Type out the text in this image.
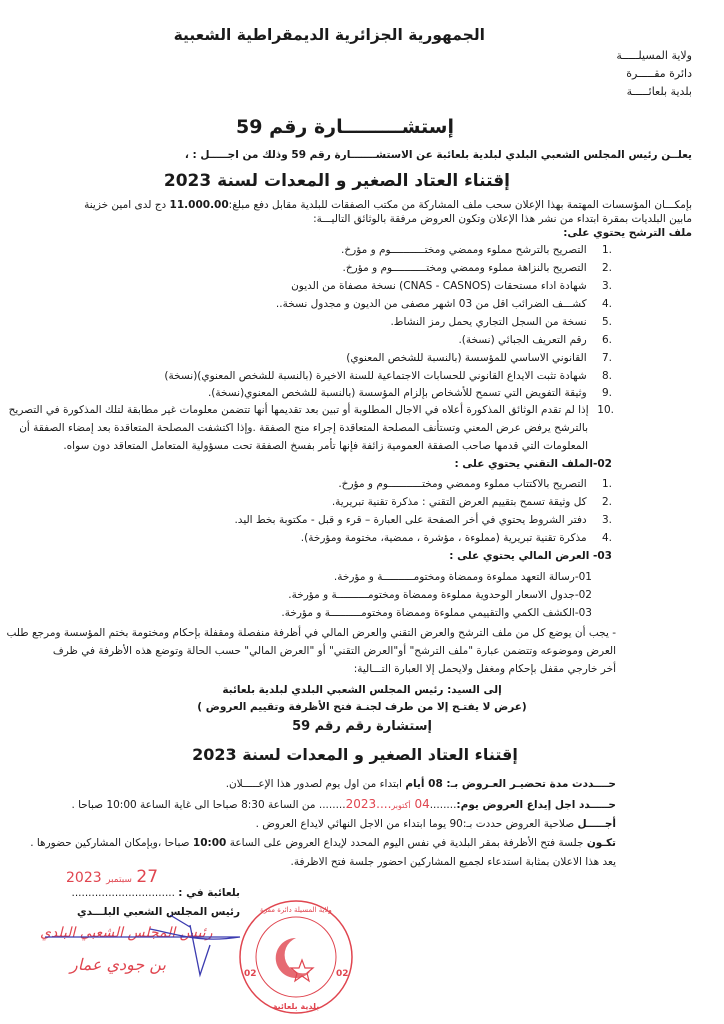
الجمهورية الجزائرية الديمقراطية الشعبية
ولاية المسيلـــــة
دائرة مقـــــرة
بلدية بلعائـــــة
إستشـــــــــارة رقم 59
يعلــن رئيس المجلس الشعبي البلدي لبلدية بلعائبة عن الاستشـــــــارة رقم 59 وذلك من اجـــــل : ،
إقتناء العتاد الصغير و المعدات لسنة 2023
بإمكـــان المؤسسات المهتمة بهذا الإعلان سحب ملف المشاركة من مكتب الصفقات للبلدية مقابل دفع مبلغ:11.000.00 دج لدى امين خزينة
مابين البلديات بمقرة ابتداء من نشر هذا الإعلان وتكون العروض مرفقة بالوثائق التاليـــة:
ملف الترشح يحتوي على:
10. إذا لم تقدم الوثائق المذكورة أعلاه في الاجال المطلوبة أو تبين بعد تقديمها أنها تتضمن معلومات غير مطابقة لتلك المذكورة في التصريح
بالترشح يرفض عرض المعني وتستأنف المصلحة المتعاقدة إجراء منح الصفقة .وإذا اكتشفت المصلحة المتعاقدة بعد إمضاء الصفقة أن
المعلومات التي قدمها صاحب الصفقة العمومية زائفة فإنها تأمر بفسخ الصفقة تحت مسؤولية المتعامل المتعاقد دون سواه.
02-الملف التقني يحتوي على :
03- العرض المالي يحتوي على :
- يجب أن يوضع كل من ملف الترشح والعرض التقني والعرض المالي في أظرفة منفصلة ومقفلة بإحكام ومختومة بختم المؤسسة ومرجع طلب
العرض وموضوعه وتتضمن عبارة "ملف الترشح" أو"العرض التقني" أو "العرض المالي" حسب الحالة وتوضع هذه الأظرفة في ظرف
أخر خارجي مقفل بإحكام ومغفل ولايحمل إلا العبارة التـــالية:
إلى السيد: رئيس المجلس الشعبي البلدي لبلدية بلعائبة
(عرض لا يفتـح إلا من طرف لجنـة فتح الأظرفة وتقييم العروض )
إستشارة رقم رقم 59
إقتناء العتاد الصغير و المعدات لسنة 2023
حــــددت مدة تحضيـر العـروض بـ: 08 أيام ابتداء من اول يوم لصدور هذا الإعـــــلان.
حـــــدد اجل إيداع العروض يوم:........04 أكتوبر....2023........ من الساعة 8:30 صباحا الى غاية الساعة 10:00 صباحا .
أجـــــل صلاحية العروض حددت بـ:90 يوما ابتداء من الاجل النهائي لايداع العروض .
تكـون جلسة فتح الأظرفة بمقر البلدية في نفس اليوم المحدد لإيداع العروض على الساعة 10:00 صباحا ،وبإمكان المشاركين حضورها .
يعد هذا الاعلان بمثابة استدعاء لجميع المشاركين احضور جلسة فتح الاظرفة.
27 سبتمبر 2023
بلعائبة في : ...............................
رئيس المجلس الشعبي البلـــدي
02	02
بلدية بلعائبة
ولاية المسيلة دائرة مقرة
رئيس المجلس الشعبي البلدي
بن جودي عمار
1. التصريح بالترشح مملوء وممضي ومختـــــــــــوم و مؤرخ.
2. التصريح بالنزاهة مملوء وممضي ومختـــــــــــوم و مؤرخ.
3. شهادة اداء مستحقات (CNAS - CASNOS) نسخة مصفاة من الديون
4. كشـــف الضرائب اقل من 03 اشهر مصفى من الديون و مجدول نسخة..
5. نسخة من السجل التجاري يحمل رمز النشاط.
6. رقم التعريف الجبائي (نسخة).
7. القانوني الاساسي للمؤسسة (بالنسبة للشخص المعنوي)
8. شهادة تثبت الايداع القانوني للحسابات الاجتماعية للسنة الاخيرة (بالنسبة للشخص المعنوي)(نسخة)
9. وثيقة التفويض التي تسمح للأشخاص بإلزام المؤسسة (بالنسبة للشخص المعنوي(نسخة).
1. التصريح بالاكتتاب مملوء وممضي ومختـــــــــــوم و مؤرخ.
2. كل وثيقة تسمح بتقييم العرض التقني : مذكرة تقنية تبريرية.
3. دفتر الشروط يحتوي في أخر الصفحة على العبارة – قرء و قبل - مكتوبة بخط اليد.
4. مذكرة تقنية تبريرية (مملوءة ، مؤشرة ، ممضية، مختومة ومؤرخة).
01-رسالة التعهد مملوءة وممضاة ومختومــــــــــة و مؤرخة.
02-جدول الاسعار الوحدوية مملوءة وممضاة ومختومــــــــــة و مؤرخة.
03-الكشف الكمي والتقييمي مملوءة وممضاة ومختومــــــــــة و مؤرخة.
